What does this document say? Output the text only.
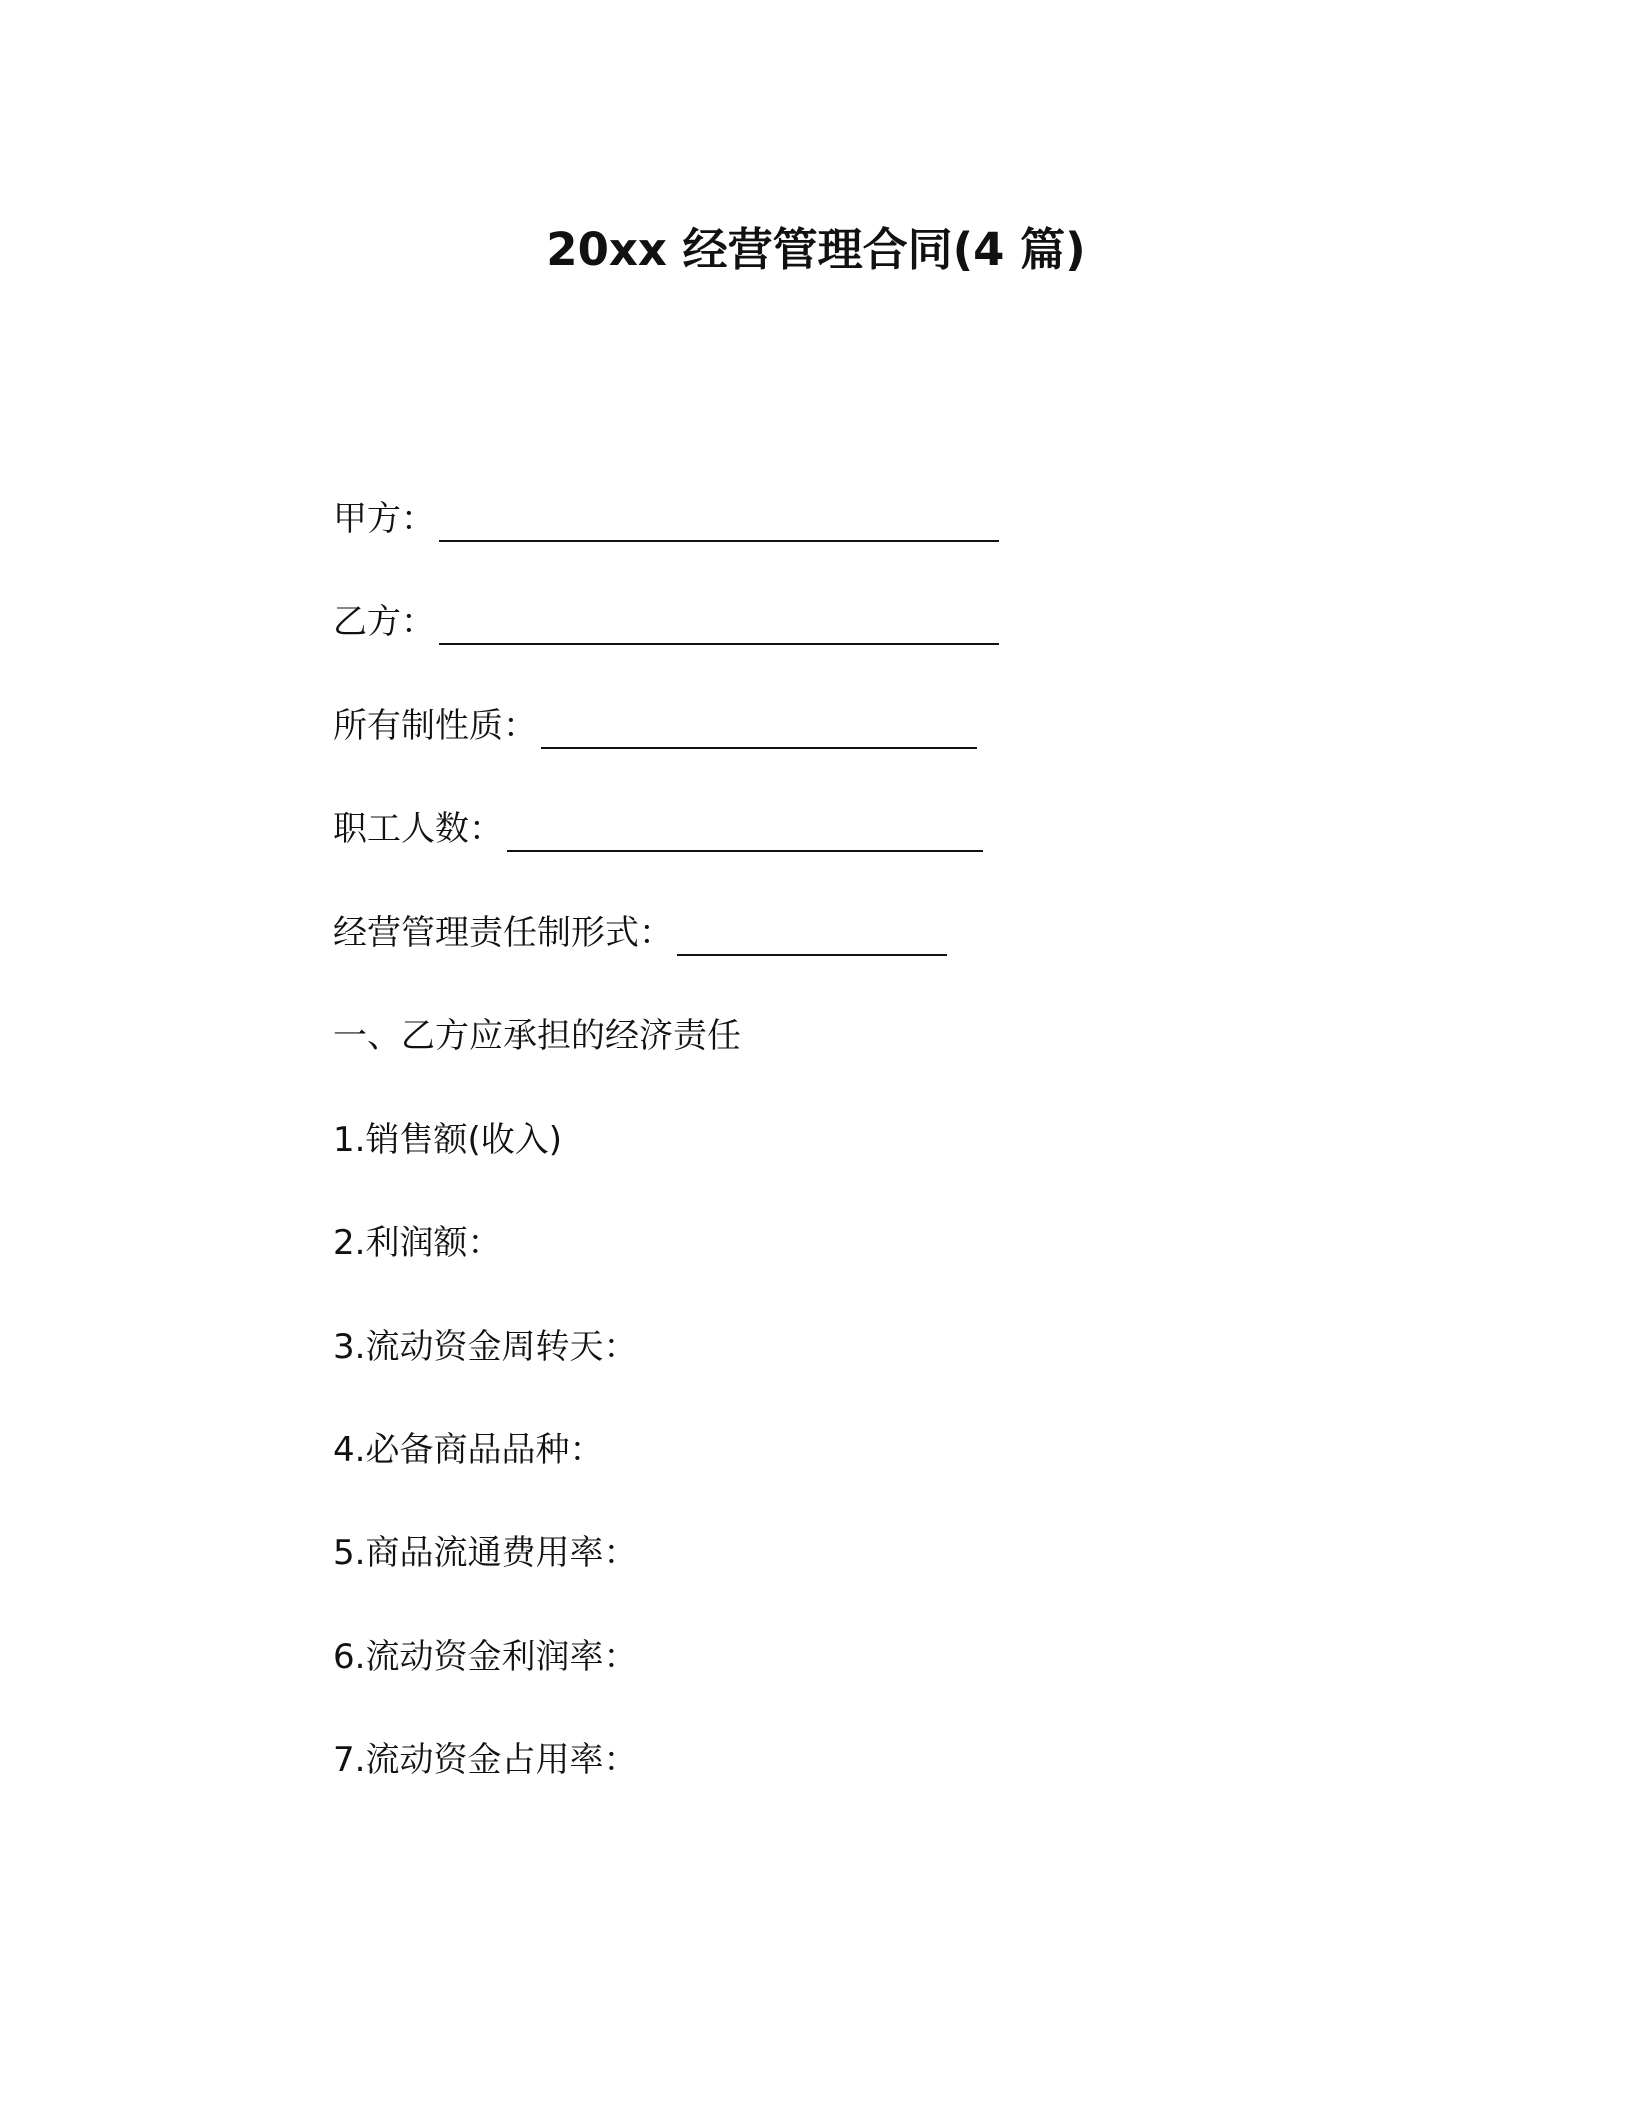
20xx 经营管理合同(4 篇)
甲方：
乙方：
所有制性质：
职工人数：
经营管理责任制形式：
一、乙方应承担的经济责任
1.销售额(收入)
2.利润额：
3.流动资金周转天：
4.必备商品品种：
5.商品流通费用率：
6.流动资金利润率：
7.流动资金占用率：
